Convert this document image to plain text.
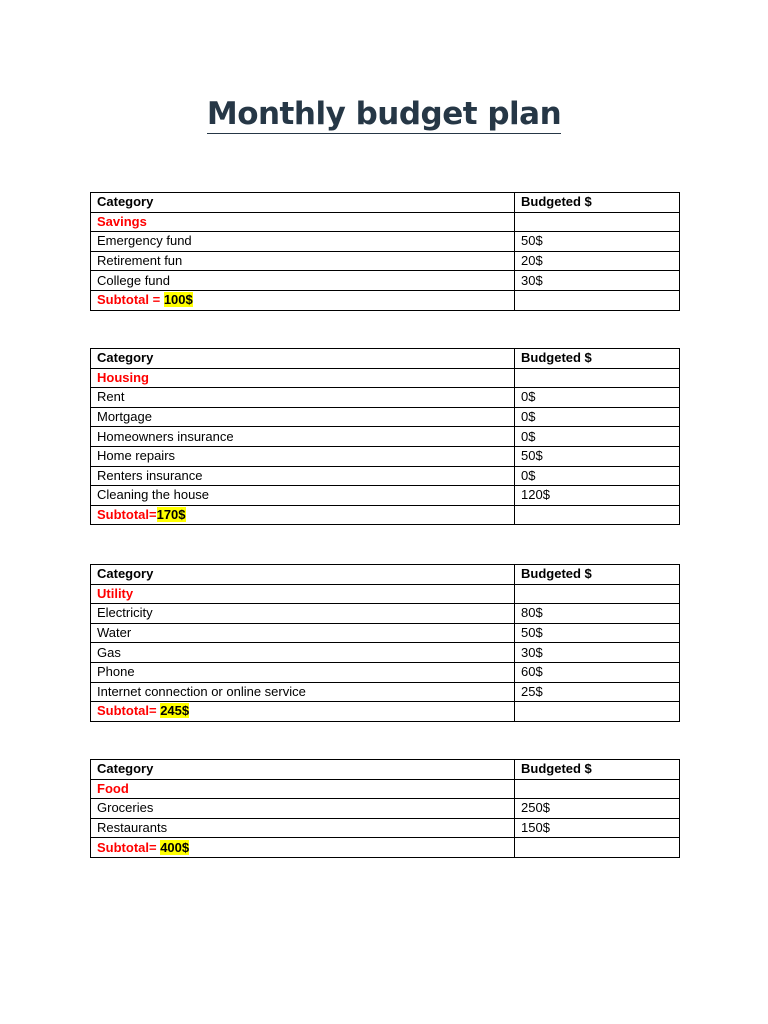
Monthly budget plan
Category	Budgeted $
Savings	
Emergency fund	50$
Retirement fun	20$
College fund	30$
Subtotal = 100$	
Category	Budgeted $
Housing	
Rent	0$
Mortgage	0$
Homeowners insurance	0$
Home repairs	50$
Renters insurance	0$
Cleaning the house	120$
Subtotal=170$	
Category	Budgeted $
Utility	
Electricity	80$
Water	50$
Gas	30$
Phone	60$
Internet connection or online service	25$
Subtotal= 245$	
Category	Budgeted $
Food	
Groceries	250$
Restaurants	150$
Subtotal= 400$	
